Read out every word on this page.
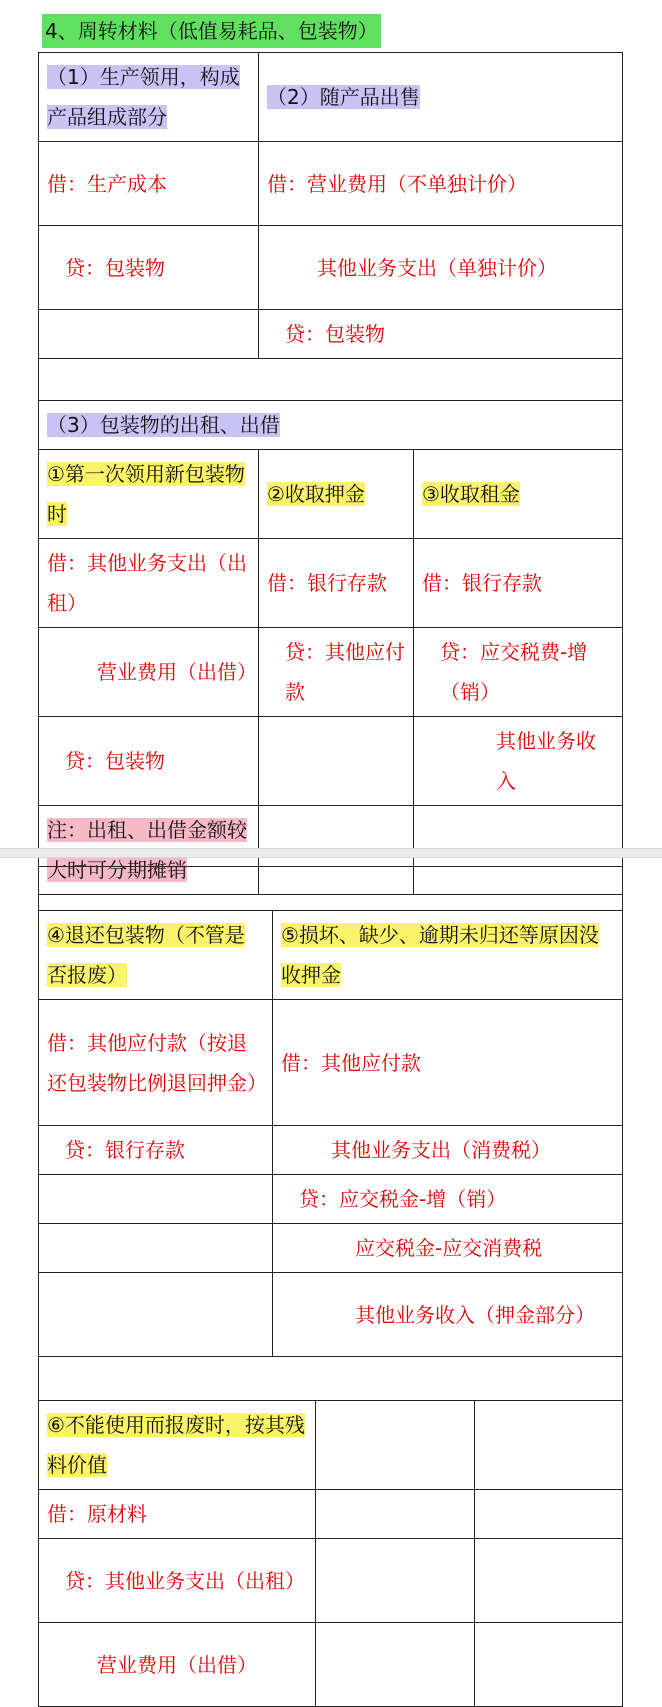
4、周转材料（低值易耗品、包装物）
（1）生产领用，构成产品组成部分	（2）随产品出售	
借：生产成本	借：营业费用（不单独计价）	
贷：包装物	其他业务支出（单独计价）	
	贷：包装物	

（3）包装物的出租、出借		
①第一次领用新包装物时	②收取押金	③收取租金
借：其他业务支出（出租）	借：银行存款	借：银行存款
营业费用（出借）	贷：其他应付款	贷：应交税费-增（销）
贷：包装物		其他业务收入
注：出租、出借金额较大时可分期摊销		

④退还包装物（不管是否报废）	⑤损坏、缺少、逾期未归还等原因没收押金		
借：其他应付款（按退还包装物比例退回押金）	借：其他应付款		
贷：银行存款	其他业务支出（消费税）		
	贷：应交税金-增（销）		
	应交税金-应交消费税		
	其他业务收入（押金部分）		

⑥不能使用而报废时，按其残料价值			
借：原材料			
贷：其他业务支出（出租）			
营业费用（出借）			
